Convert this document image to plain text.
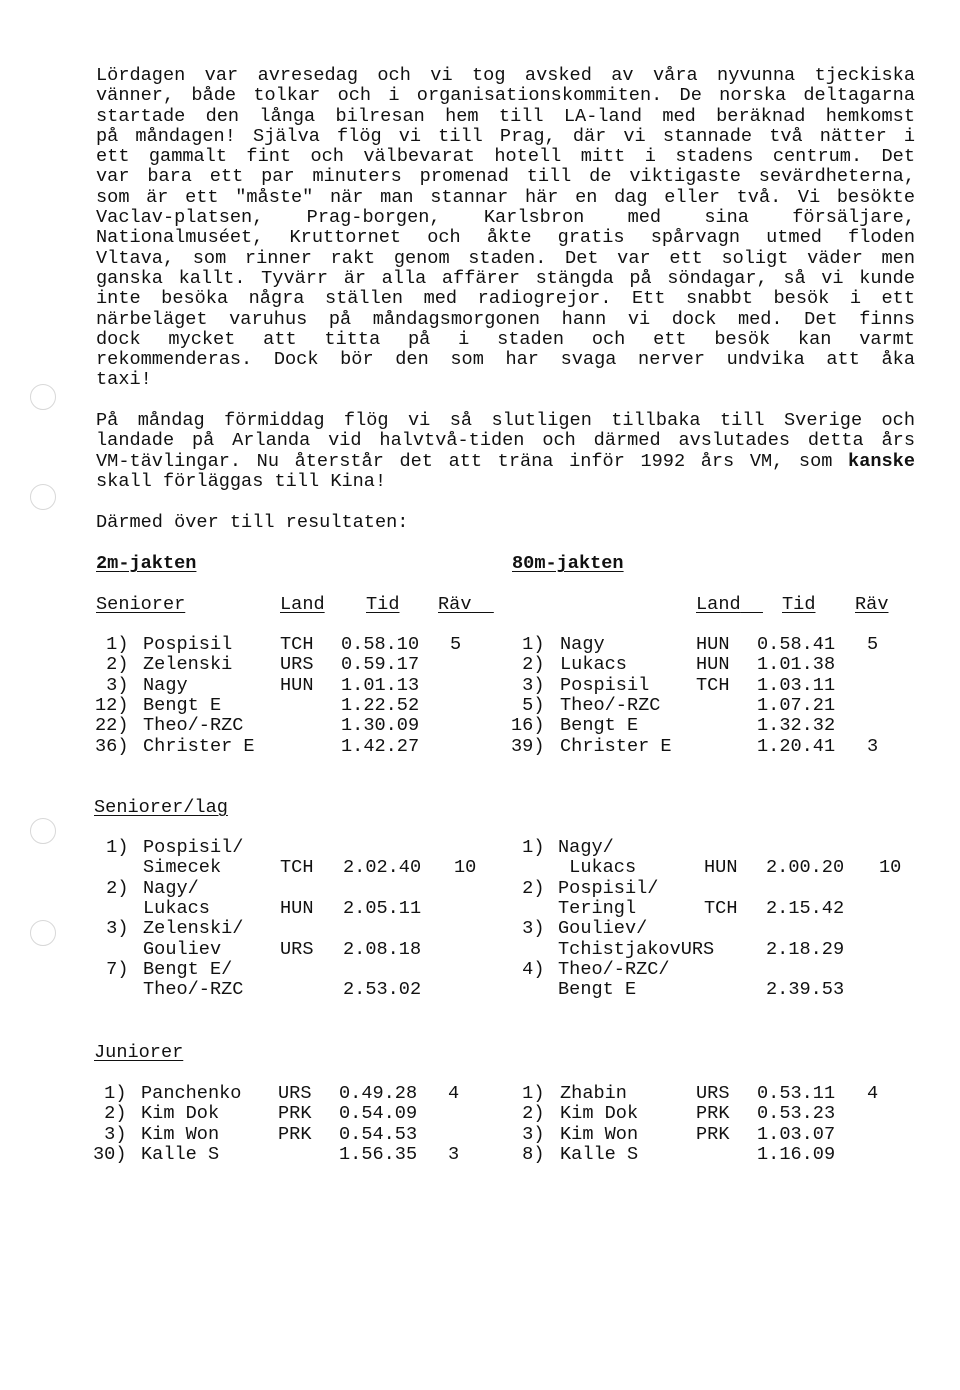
Lördagen var avresedag och vi tog avsked av våra nyvunna tjeckiska
vänner, både tolkar och i organisationskommiten. De norska deltagarna
startade den långa bilresan hem till LA-land med beräknad hemkomst
på måndagen! Själva flög vi till Prag, där vi stannade två nätter i
ett gammalt fint och välbevarat hotell mitt i stadens centrum. Det
var bara ett par minuters promenad till de viktigaste sevärdheterna,
som är ett "måste" när man stannar här en dag eller två. Vi besökte
Vaclav-platsen, Prag-borgen, Karlsbron med sina försäljare,
Nationalmuséet, Kruttornet och åkte gratis spårvagn utmed floden
Vltava, som rinner rakt genom staden. Det var ett soligt väder men
ganska kallt. Tyvärr är alla affärer stängda på söndagar, så vi kunde
inte besöka några ställen med radiogrejor. Ett snabbt besök i ett
närbeläget varuhus på måndagsmorgonen hann vi dock med. Det finns
dock mycket att titta på i staden och ett besök kan varmt
rekommenderas. Dock bör den som har svaga nerver undvika att åka
taxi!
På måndag förmiddag flög vi så slutligen tillbaka till Sverige och
landade på Arlanda vid halvtvå-tiden och därmed avslutades detta års
VM-tävlingar. Nu återstår det att träna inför 1992 års VM, som kanske
skall förläggas till Kina!
Därmed över till resultaten:
2m-jakten	80m-jakten
Seniorer	Land Tid Räv	Land	Tid Räv
1) Pospisil	TCH 0.58.10 5
2) Zelenski	URS 0.59.17
3) Nagy	HUN 1.01.13
12) Bengt E	1.22.52
22) Theo/-RZC	1.30.09
36) Christer E	1.42.27
1) Nagy	HUN 0.58.41 5
2) Lukacs	HUN 1.01.38
3) Pospisil	TCH 1.03.11
5) Theo/-RZC	1.07.21
16) Bengt E	1.32.32
39) Christer E	1.20.41 3
1) Pospisil/
Simecek	TCH 2.02.40 10
2) Nagy/
Lukacs	HUN 2.05.11
3) Zelenski/
Gouliev	URS 2.08.18
7) Bengt E/
Theo/-RZC	2.53.02
1) Nagy/
Lukacs	HUN 2.00.20 10
2) Pospisil/
Teringl	TCH 2.15.42
3) Gouliev/
TchistjakovURS	2.18.29
4) Theo/-RZC/
Bengt E	2.39.53
1) Panchenko URS 0.49.28 4
2) Kim Dok	PRK 0.54.09
3) Kim Won	PRK 0.54.53
30) Kalle S	1.56.35 3
1) Zhabin	URS 0.53.11 4
2) Kim Dok	PRK 0.53.23
3) Kim Won	PRK 1.03.07
8) Kalle S	1.16.09
Seniorer/lag
Juniorer
